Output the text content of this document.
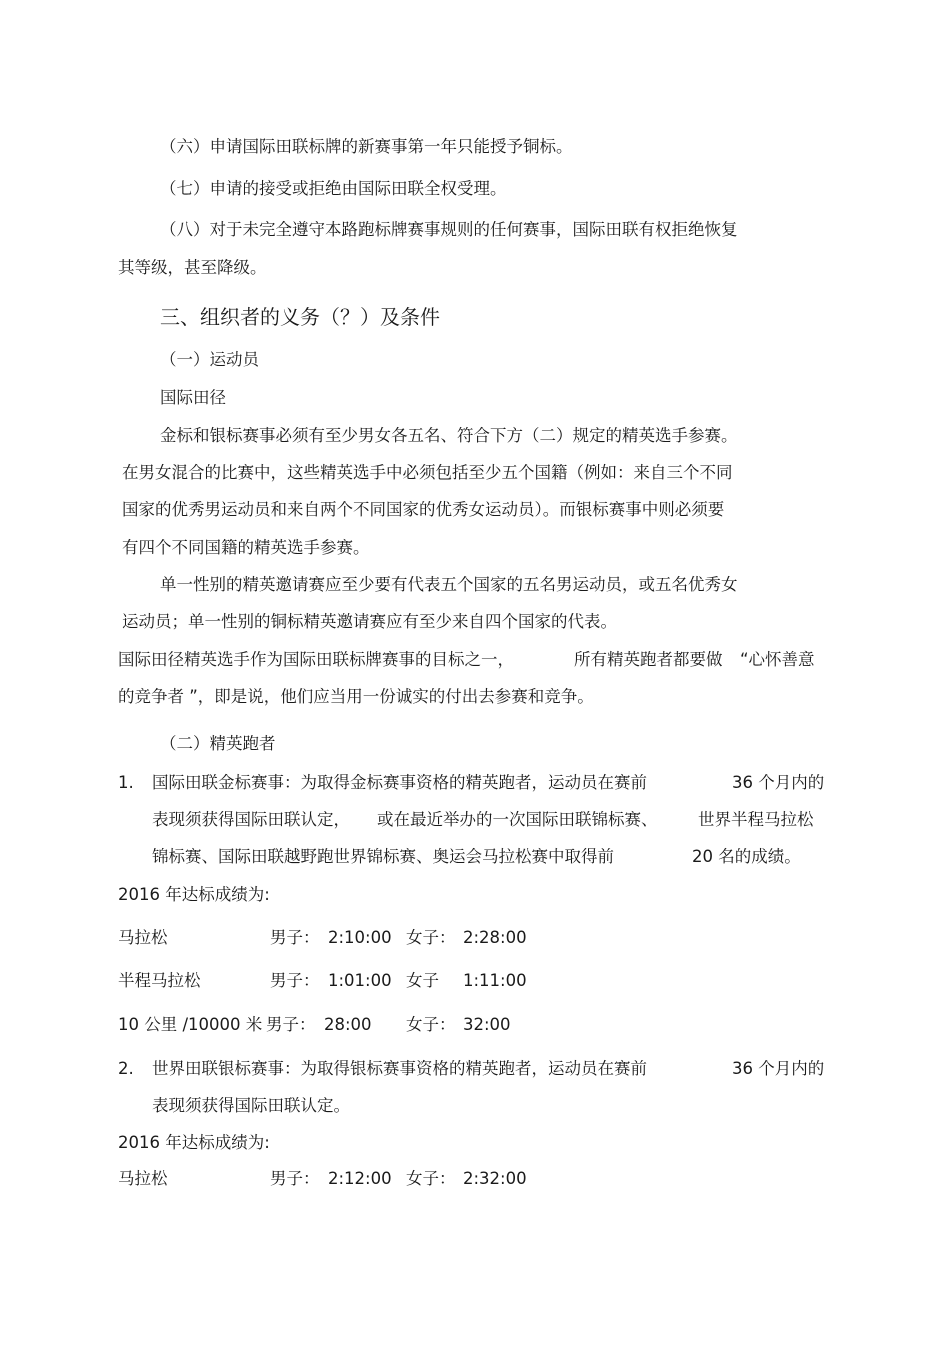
（六）申请国际田联标牌的新赛事第一年只能授予铜标。
（七）申请的接受或拒绝由国际田联全权受理。
（八）对于未完全遵守本路跑标牌赛事规则的任何赛事，国际田联有权拒绝恢复
其等级，甚至降级。
三、组织者的义务（？）及条件
（一）运动员
国际田径
金标和银标赛事必须有至少男女各五名、符合下方（二）规定的精英选手参赛。
在男女混合的比赛中，这些精英选手中必须包括至少五个国籍（例如：来自三个不同
国家的优秀男运动员和来自两个不同国家的优秀女运动员）。而银标赛事中则必须要
有四个不同国籍的精英选手参赛。
单一性别的精英邀请赛应至少要有代表五个国家的五名男运动员，或五名优秀女
运动员；单一性别的铜标精英邀请赛应有至少来自四个国家的代表。
国际田径精英选手作为国际田联标牌赛事的目标之一，	所有精英跑者都要做 “心怀善意
的竞争者 ”，即是说，他们应当用一份诚实的付出去参赛和竞争。
（二）精英跑者
1. 国际田联金标赛事：为取得金标赛事资格的精英跑者，运动员在赛前	36 个月内的
表现须获得国际田联认定， 或在最近举办的一次国际田联锦标赛、 世界半程马拉松
锦标赛、国际田联越野跑世界锦标赛、奥运会马拉松赛中取得前	20 名的成绩。
2016 年达标成绩为:
马拉松	男子： 2:10:00 女子： 2:28:00
半程马拉松	男子： 1:01:00 女子 1:11:00
10 公里 /10000 米 男子： 28:00 女子： 32:00
2. 世界田联银标赛事：为取得银标赛事资格的精英跑者，运动员在赛前	36 个月内的
表现须获得国际田联认定。
2016 年达标成绩为:
马拉松	男子： 2:12:00 女子： 2:32:00
